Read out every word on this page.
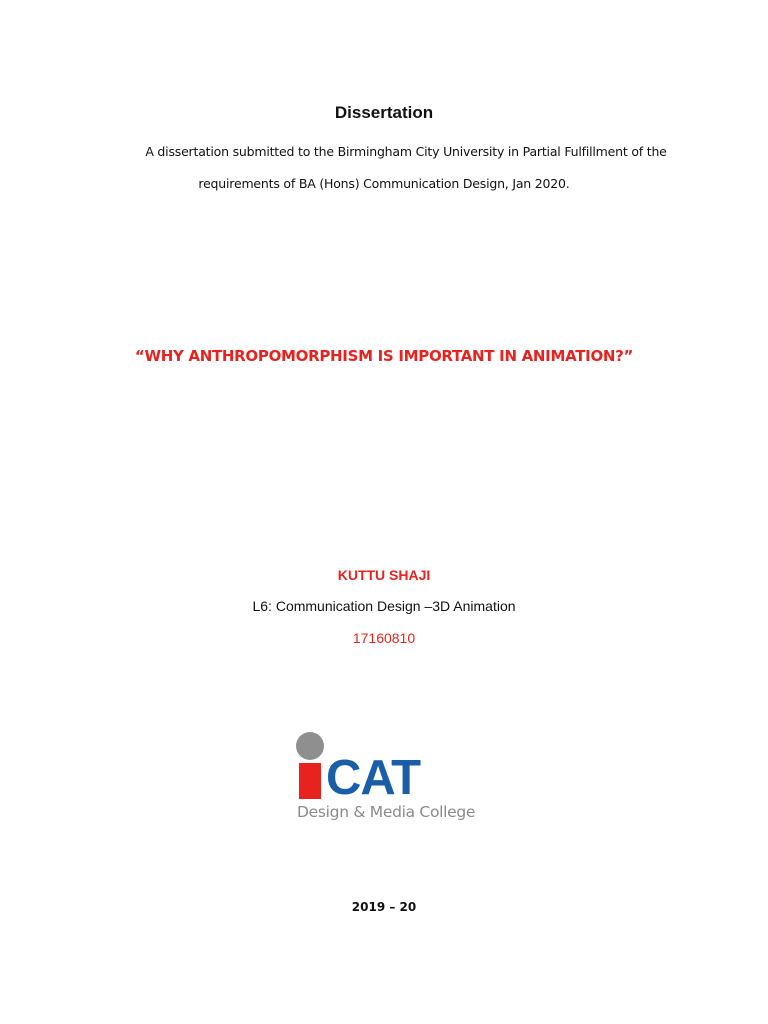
Dissertation
A dissertation submitted to the Birmingham City University in Partial Fulfillment of the
requirements of BA (Hons) Communication Design, Jan 2020.
“WHY ANTHROPOMORPHISM IS IMPORTANT IN ANIMATION?”
KUTTU SHAJI
L6: Communication Design –3D Animation
17160810
CAT
Design & Media College
2019 – 20
